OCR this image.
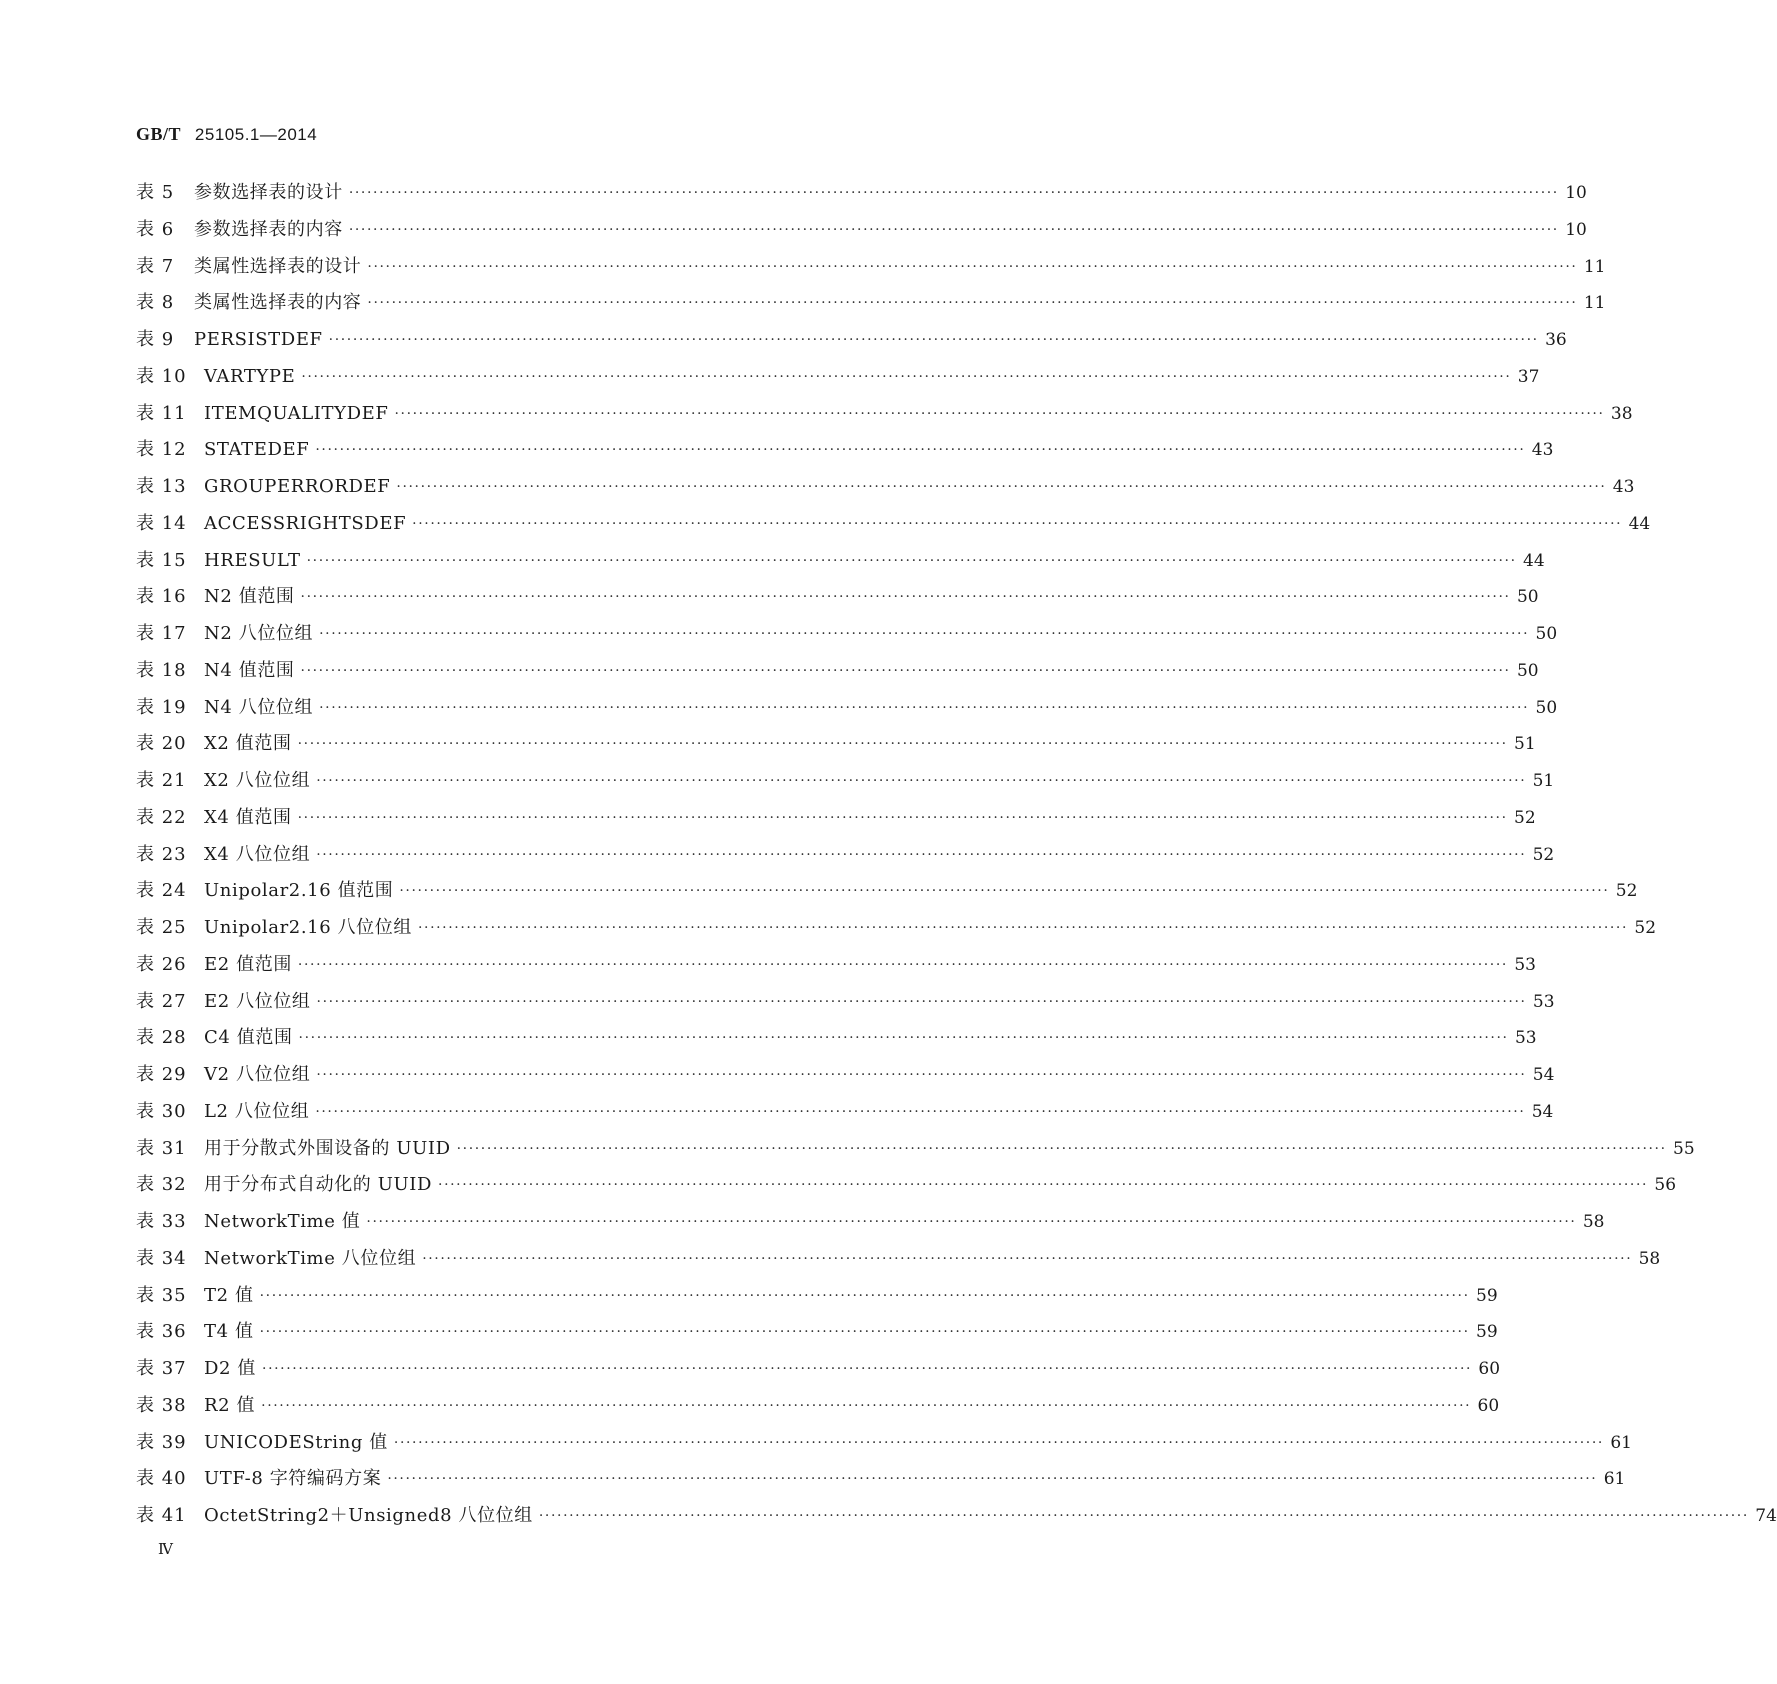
GB/T 25105.1—2014
表 5	参数选择表的设计 ········································································································································································································ 10
表 6	参数选择表的内容 ········································································································································································································ 10
表 7	类属性选择表的设计 ········································································································································································································ 11
表 8	类属性选择表的内容 ········································································································································································································ 11
表 9	PERSISTDEF ········································································································································································································ 36
表 10 VARTYPE ········································································································································································································ 37
表 11 ITEMQUALITYDEF ········································································································································································································ 38
表 12 STATEDEF ········································································································································································································ 43
表 13 GROUPERRORDEF ········································································································································································································ 43
表 14 ACCESSRIGHTSDEF ········································································································································································································ 44
表 15 HRESULT ········································································································································································································ 44
表 16 N2 值范围 ········································································································································································································ 50
表 17 N2 八位位组 ········································································································································································································ 50
表 18 N4 值范围 ········································································································································································································ 50
表 19 N4 八位位组 ········································································································································································································ 50
表 20 X2 值范围 ········································································································································································································ 51
表 21 X2 八位位组 ········································································································································································································ 51
表 22 X4 值范围 ········································································································································································································ 52
表 23 X4 八位位组 ········································································································································································································ 52
表 24 Unipolar2.16 值范围 ········································································································································································································ 52
表 25 Unipolar2.16 八位位组 ········································································································································································································ 52
表 26 E2 值范围 ········································································································································································································ 53
表 27 E2 八位位组 ········································································································································································································ 53
表 28 C4 值范围 ········································································································································································································ 53
表 29 V2 八位位组 ········································································································································································································ 54
表 30 L2 八位位组 ········································································································································································································ 54
表 31 用于分散式外围设备的 UUID ········································································································································································································ 55
表 32 用于分布式自动化的 UUID ········································································································································································································ 56
表 33 NetworkTime 值 ········································································································································································································ 58
表 34 NetworkTime 八位位组 ········································································································································································································ 58
表 35 T2 值 ········································································································································································································ 59
表 36 T4 值 ········································································································································································································ 59
表 37 D2 值 ········································································································································································································ 60
表 38 R2 值 ········································································································································································································ 60
表 39 UNICODEString 值 ········································································································································································································ 61
表 40 UTF-8 字符编码方案 ········································································································································································································ 61
表 41 OctetString2＋Unsigned8 八位位组 ········································································································································································································ 74
Ⅳ
